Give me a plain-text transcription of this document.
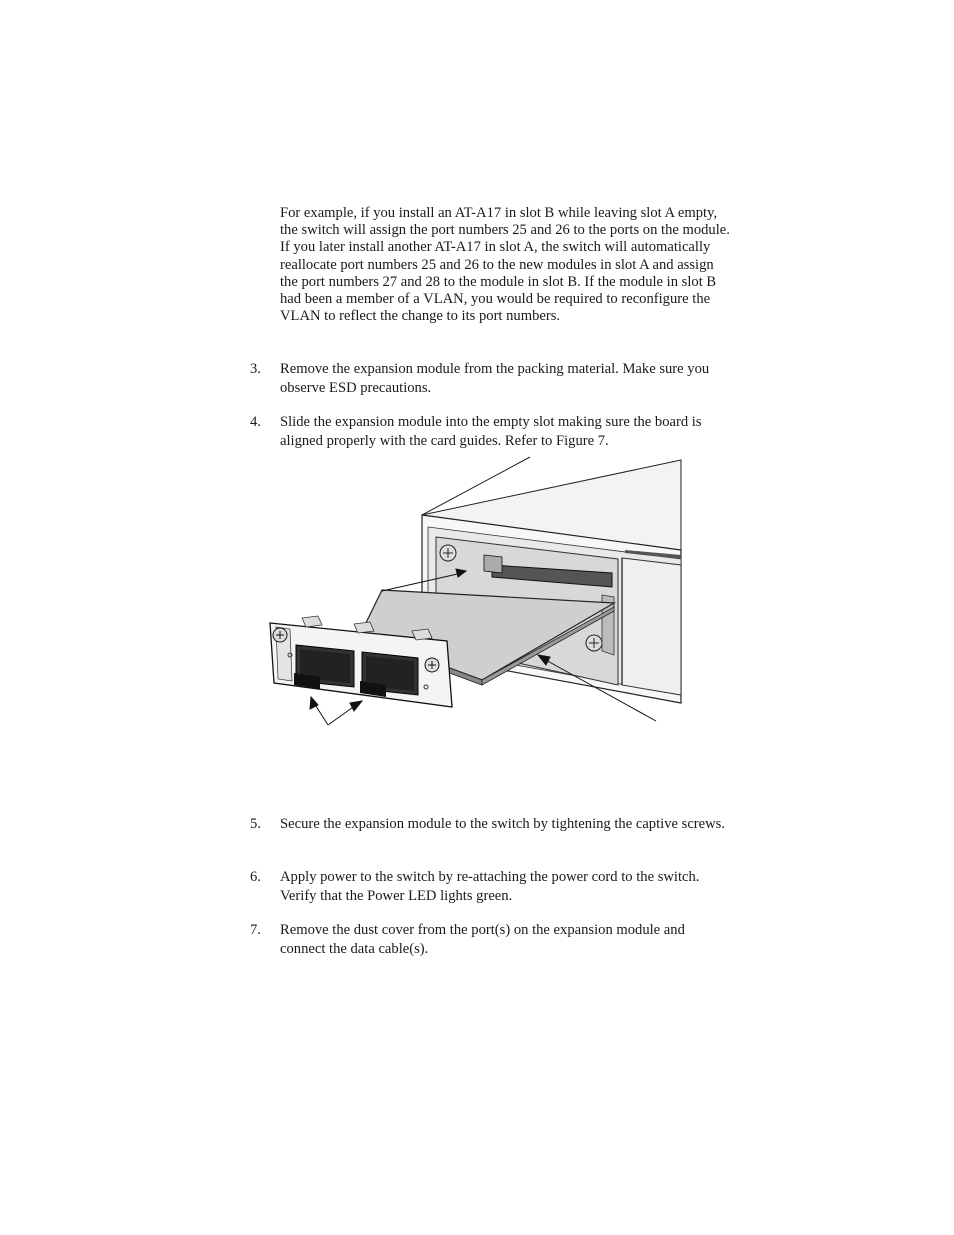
For example, if you install an AT-A17 in slot B while leaving slot A empty, the switch will assign the port numbers 25 and 26 to the ports on the module. If you later install another AT-A17 in slot A, the switch will automatically reallocate port numbers 25 and 26 to the new modules in slot A and assign the port numbers 27 and 28 to the module in slot B. If the module in slot B had been a member of a VLAN, you would be required to reconfigure the VLAN to reflect the change to its port numbers.

3.	Remove the expansion module from the packing material. Make sure you observe ESD precautions.
4.	Slide the expansion module into the empty slot making sure the board is aligned properly with the card guides. Refer to Figure 7.
5.	Secure the expansion module to the switch by tightening the captive screws.
6.	Apply power to the switch by re-attaching the power cord to the switch. Verify that the Power LED lights green.
7.	Remove the dust cover from the port(s) on the expansion module and connect the data cable(s).
